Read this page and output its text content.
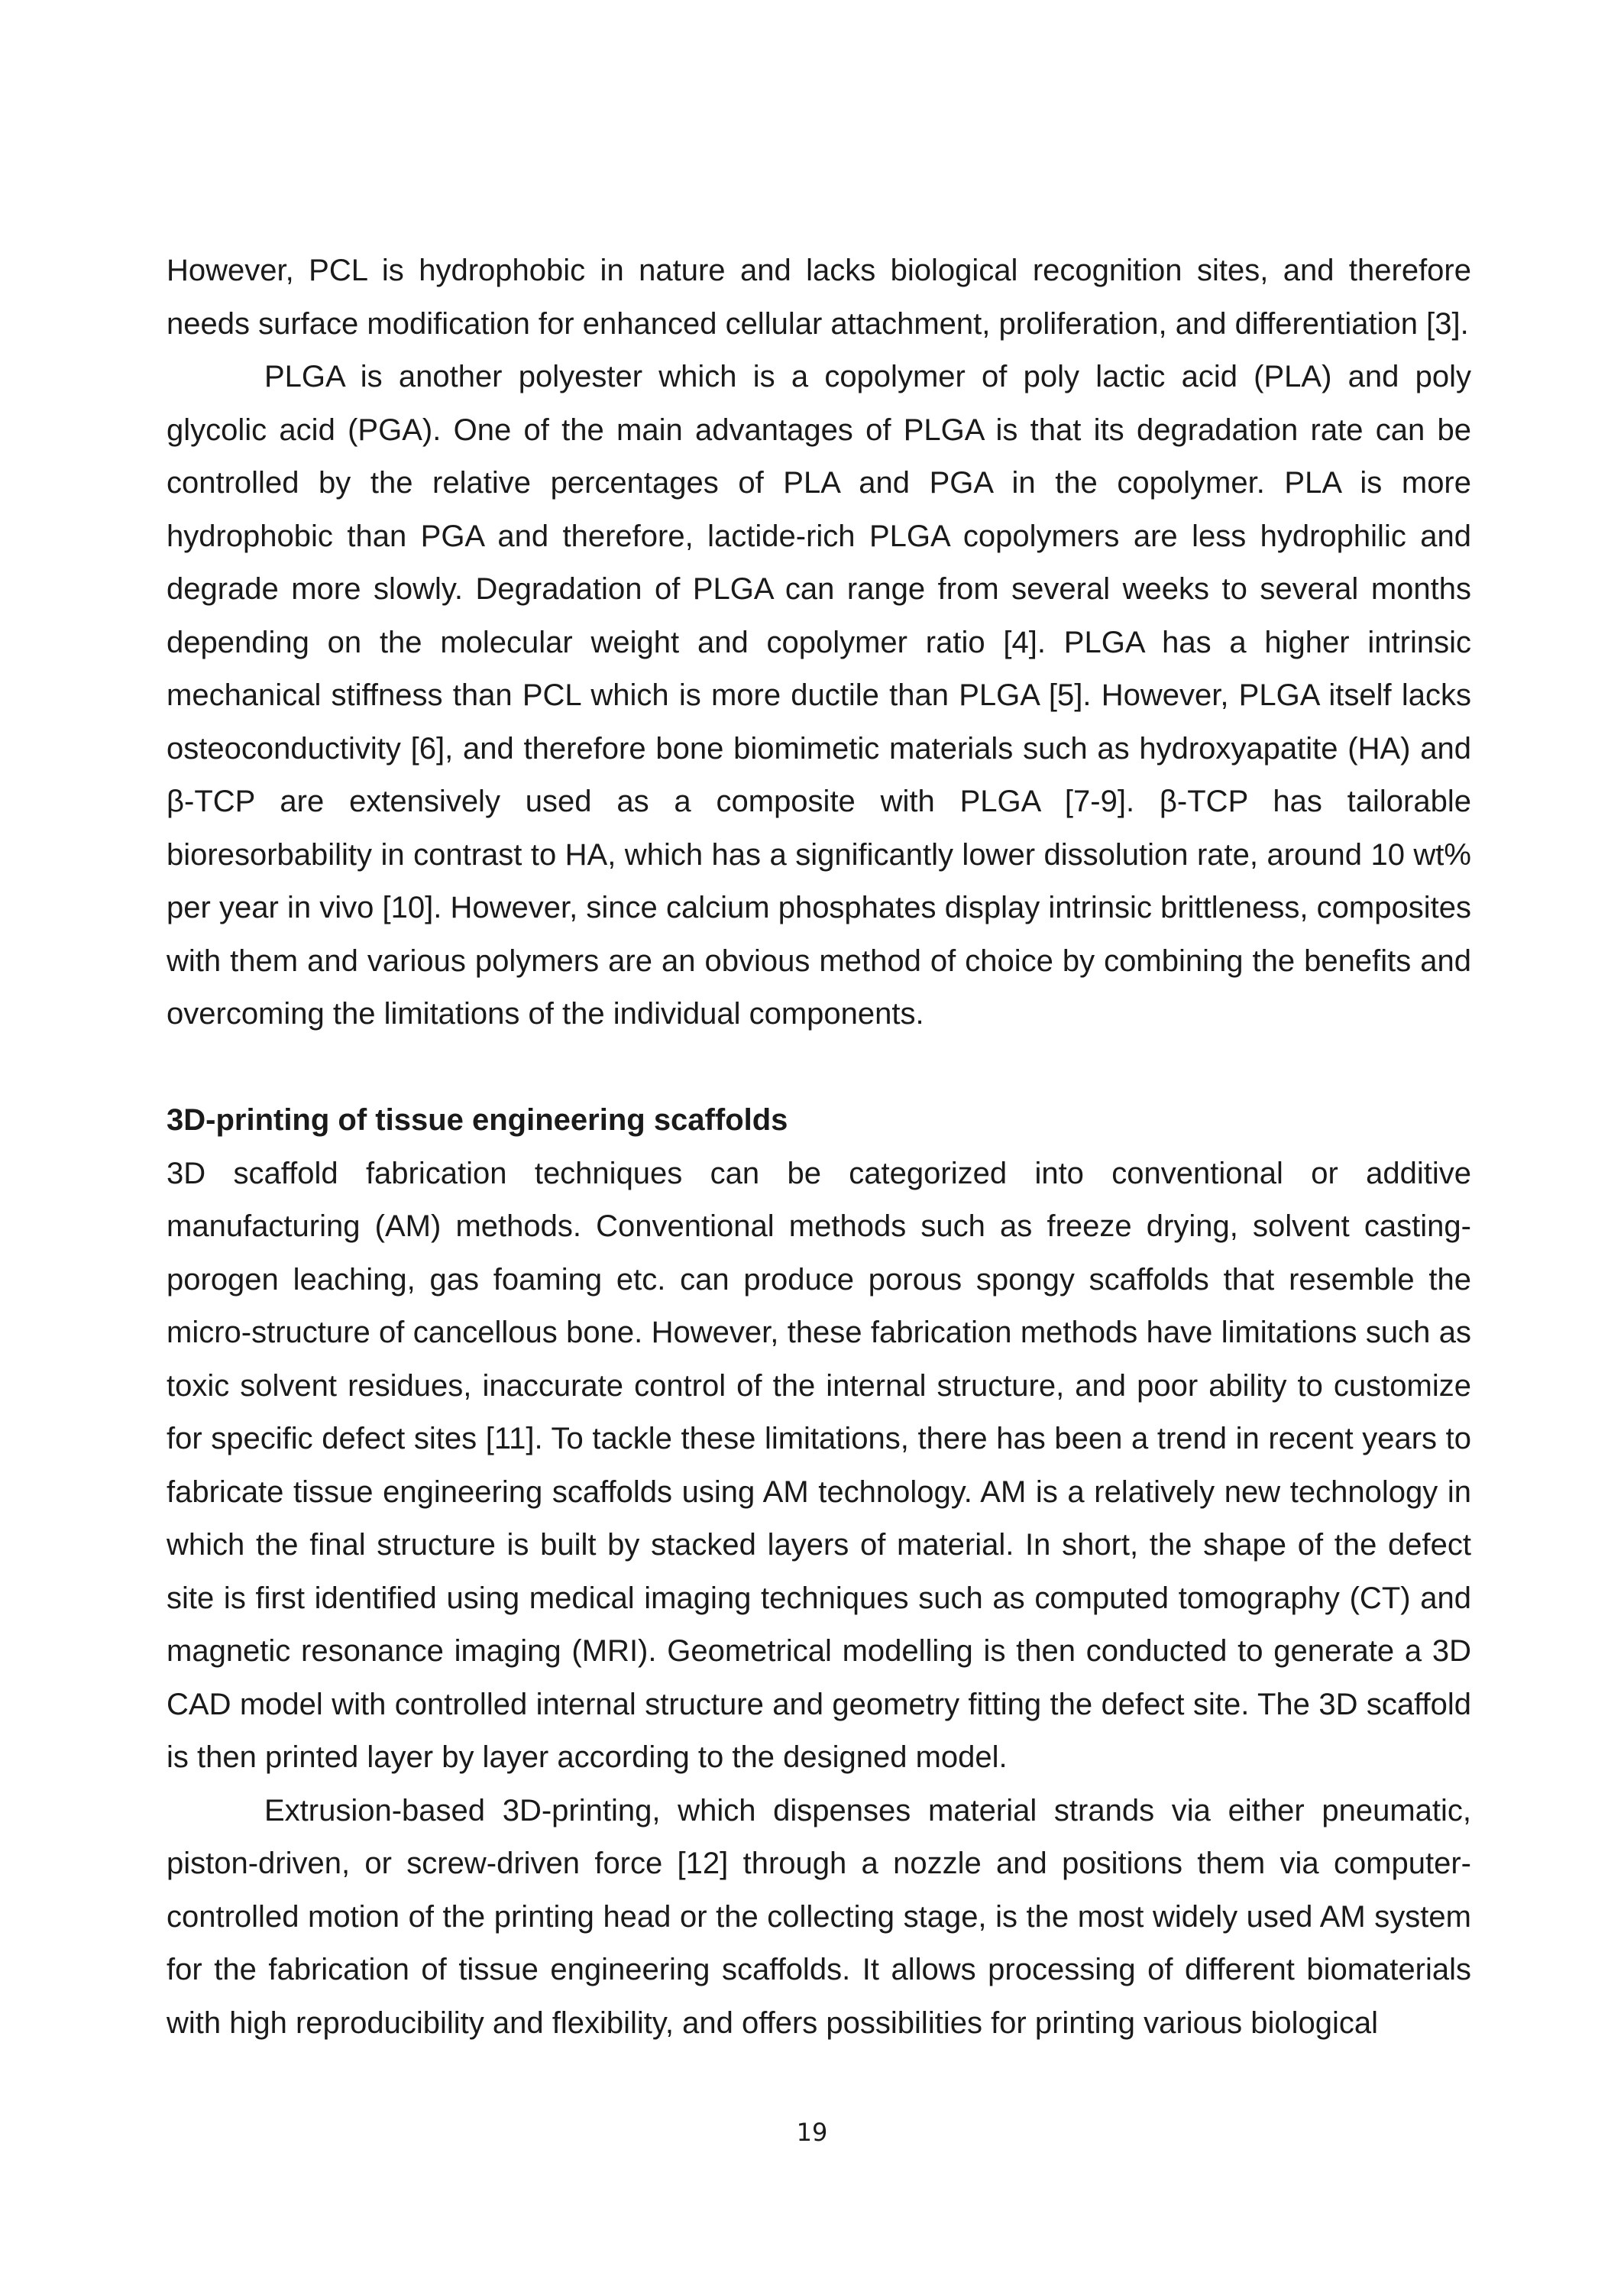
However, PCL is hydrophobic in nature and lacks biological recognition sites, and therefore needs surface modification for enhanced cellular attachment, proliferation, and differentiation [3].

PLGA is another polyester which is a copolymer of poly lactic acid (PLA) and poly glycolic acid (PGA). One of the main advantages of PLGA is that its degradation rate can be controlled by the relative percentages of PLA and PGA in the copolymer. PLA is more hydrophobic than PGA and therefore, lactide-rich PLGA copolymers are less hydrophilic and degrade more slowly. Degradation of PLGA can range from several weeks to several months depending on the molecular weight and copolymer ratio [4]. PLGA has a higher intrinsic mechanical stiffness than PCL which is more ductile than PLGA [5]. However, PLGA itself lacks osteoconductivity [6], and therefore bone biomimetic materials such as hydroxyapatite (HA) and β-TCP are extensively used as a composite with PLGA [7-9]. β-TCP has tailorable bioresorbability in contrast to HA, which has a significantly lower dissolution rate, around 10 wt% per year in vivo [10]. However, since calcium phosphates display intrinsic brittleness, composites with them and various polymers are an obvious method of choice by combining the benefits and overcoming the limitations of the individual components.

3D-printing of tissue engineering scaffolds

3D scaffold fabrication techniques can be categorized into conventional or additive manufacturing (AM) methods. Conventional methods such as freeze drying, solvent casting-porogen leaching, gas foaming etc. can produce porous spongy scaffolds that resemble the micro-structure of cancellous bone. However, these fabrication methods have limitations such as toxic solvent residues, inaccurate control of the internal structure, and poor ability to customize for specific defect sites [11]. To tackle these limitations, there has been a trend in recent years to fabricate tissue engineering scaffolds using AM technology. AM is a relatively new technology in which the final structure is built by stacked layers of material. In short, the shape of the defect site is first identified using medical imaging techniques such as computed tomography (CT) and magnetic resonance imaging (MRI). Geometrical modelling is then conducted to generate a 3D CAD model with controlled internal structure and geometry fitting the defect site. The 3D scaffold is then printed layer by layer according to the designed model.

Extrusion-based 3D-printing, which dispenses material strands via either pneumatic, piston-driven, or screw-driven force [12] through a nozzle and positions them via computer-controlled motion of the printing head or the collecting stage, is the most widely used AM system for the fabrication of tissue engineering scaffolds. It allows processing of different biomaterials with high reproducibility and flexibility, and offers possibilities for printing various biological

19
